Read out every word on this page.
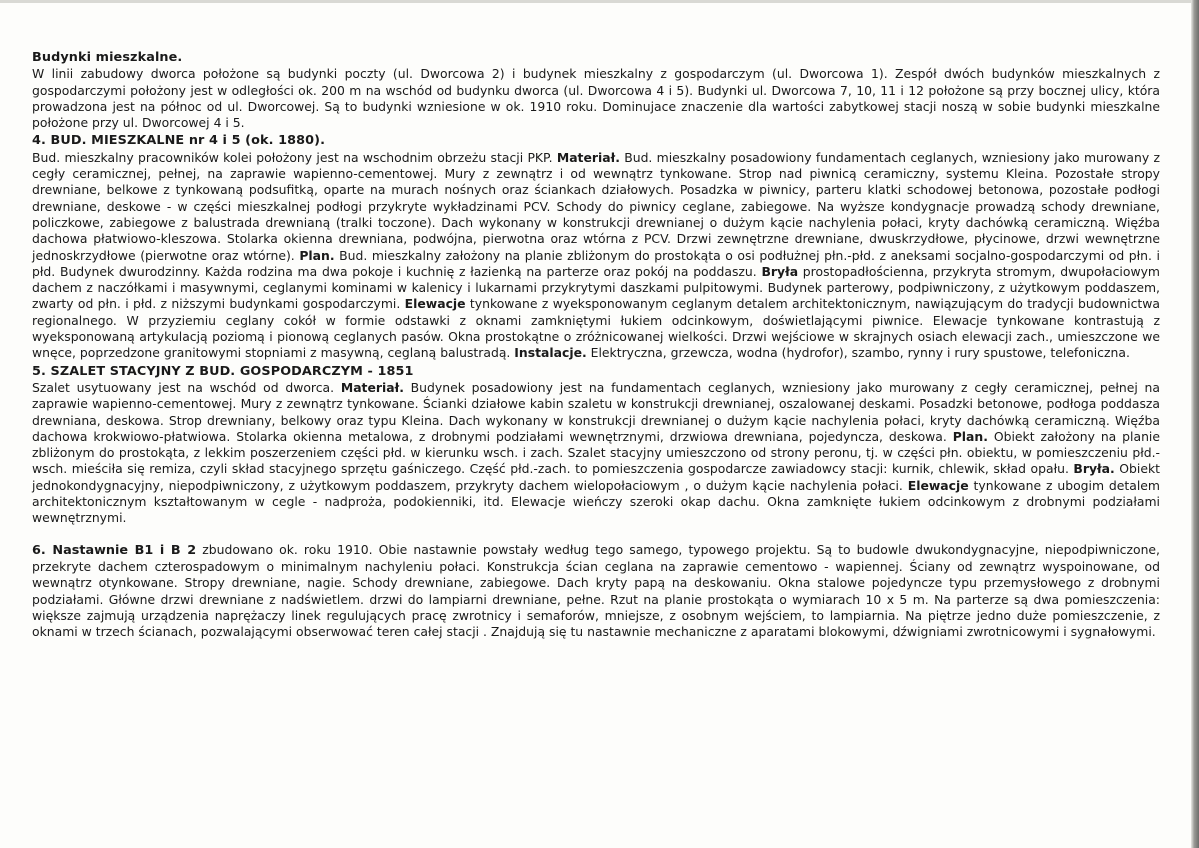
Budynki mieszkalne.

W linii zabudowy dworca położone są budynki poczty (ul. Dworcowa 2) i budynek mieszkalny z gospodarczym (ul. Dworcowa 1). Zespół dwóch budynków mieszkalnych z gospodarczymi położony jest w odległości ok. 200 m na wschód od budynku dworca (ul. Dworcowa 4 i 5). Budynki ul. Dworcowa 7, 10, 11 i 12 położone są przy bocznej ulicy, która prowadzona jest na północ od ul. Dworcowej. Są to budynki wzniesione w ok. 1910 roku. Dominujace znaczenie dla wartości zabytkowej stacji noszą w sobie budynki mieszkalne położone przy ul. Dworcowej 4 i 5.

4. BUD. MIESZKALNE nr 4 i 5 (ok. 1880).

Bud. mieszkalny pracowników kolei położony jest na wschodnim obrzeżu stacji PKP. Materiał. Bud. mieszkalny posadowiony fundamentach ceglanych, wzniesiony jako murowany z cegły ceramicznej, pełnej, na zaprawie wapienno-cementowej. Mury z zewnątrz i od wewnątrz tynkowane. Strop nad piwnicą ceramiczny, systemu Kleina. Pozostałe stropy drewniane, belkowe z tynkowaną podsufitką, oparte na murach nośnych oraz ściankach działowych. Posadzka w piwnicy, parteru klatki schodowej betonowa, pozostałe podłogi drewniane, deskowe - w części mieszkalnej podłogi przykryte wykładzinami PCV. Schody do piwnicy ceglane, zabiegowe. Na wyższe kondygnacje prowadzą schody drewniane, policzkowe, zabiegowe z balustrada drewnianą (tralki toczone). Dach wykonany w konstrukcji drewnianej o dużym kącie nachylenia połaci, kryty dachówką ceramiczną. Więźba dachowa płatwiowo-kleszowa. Stolarka okienna drewniana, podwójna, pierwotna oraz wtórna z PCV. Drzwi zewnętrzne drewniane, dwuskrzydłowe, płycinowe, drzwi wewnętrzne jednoskrzydłowe (pierwotne oraz wtórne). Plan. Bud. mieszkalny założony na planie zbliżonym do prostokąta o osi podłużnej płn.-płd. z aneksami socjalno-gospodarczymi od płn. i płd. Budynek dwurodzinny. Każda rodzina ma dwa pokoje i kuchnię z łazienką na parterze oraz pokój na poddaszu. Bryła prostopadłościenna, przykryta stromym, dwupołaciowym dachem z naczółkami i masywnymi, ceglanymi kominami w kalenicy i lukarnami przykrytymi daszkami pulpitowymi. Budynek parterowy, podpiwniczony, z użytkowym poddaszem, zwarty od płn. i płd. z niższymi budynkami gospodarczymi. Elewacje tynkowane z wyeksponowanym ceglanym detalem architektonicznym, nawiązującym do tradycji budownictwa regionalnego. W przyziemiu ceglany cokół w formie odstawki z oknami zamkniętymi łukiem odcinkowym, doświetlającymi piwnice. Elewacje tynkowane kontrastują z wyeksponowaną artykulacją poziomą i pionową ceglanych pasów. Okna prostokątne o zróżnicowanej wielkości. Drzwi wejściowe w skrajnych osiach elewacji zach., umieszczone we wnęce, poprzedzone granitowymi stopniami z masywną, ceglaną balustradą. Instalacje. Elektryczna, grzewcza, wodna (hydrofor), szambo, rynny i rury spustowe, telefoniczna.

5. SZALET STACYJNY Z BUD. GOSPODARCZYM - 1851

Szalet usytuowany jest na wschód od dworca. Materiał. Budynek posadowiony jest na fundamentach ceglanych, wzniesiony jako murowany z cegły ceramicznej, pełnej na zaprawie wapienno-cementowej. Mury z zewnątrz tynkowane. Ścianki działowe kabin szaletu w konstrukcji drewnianej, oszalowanej deskami. Posadzki betonowe, podłoga poddasza drewniana, deskowa. Strop drewniany, belkowy oraz typu Kleina. Dach wykonany w konstrukcji drewnianej o dużym kącie nachylenia połaci, kryty dachówką ceramiczną. Więźba dachowa krokwiowo-płatwiowa. Stolarka okienna metalowa, z drobnymi podziałami wewnętrznymi, drzwiowa drewniana, pojedyncza, deskowa. Plan. Obiekt założony na planie zbliżonym do prostokąta, z lekkim poszerzeniem części płd. w kierunku wsch. i zach. Szalet stacyjny umieszczono od strony peronu, tj. w części płn. obiektu, w pomieszczeniu płd.-wsch. mieściła się remiza, czyli skład stacyjnego sprzętu gaśniczego. Część płd.-zach. to pomieszczenia gospodarcze zawiadowcy stacji: kurnik, chlewik, skład opału. Bryła. Obiekt jednokondygnacyjny, niepodpiwniczony, z użytkowym poddaszem, przykryty dachem wielopołaciowym , o dużym kącie nachylenia połaci. Elewacje tynkowane z ubogim detalem architektonicznym kształtowanym w cegle - nadproża, podokienniki, itd. Elewacje wieńczy szeroki okap dachu. Okna zamknięte łukiem odcinkowym z drobnymi podziałami wewnętrznymi.

6. Nastawnie B1 i B 2 zbudowano ok. roku 1910. Obie nastawnie powstały według tego samego, typowego projektu. Są to budowle dwukondygnacyjne, niepodpiwniczone, przekryte dachem czterospadowym o minimalnym nachyleniu połaci. Konstrukcja ścian ceglana na zaprawie cementowo - wapiennej. Ściany od zewnątrz wyspoinowane, od wewnątrz otynkowane. Stropy drewniane, nagie. Schody drewniane, zabiegowe. Dach kryty papą na deskowaniu. Okna stalowe pojedyncze typu przemysłowego z drobnymi podziałami. Główne drzwi drewniane z nadświetlem. drzwi do lampiarni drewniane, pełne. Rzut na planie prostokąta o wymiarach 10 x 5 m. Na parterze są dwa pomieszczenia: większe zajmują urządzenia naprężaczy linek regulujących pracę zwrotnicy i semaforów, mniejsze, z osobnym wejściem, to lampiarnia. Na piętrze jedno duże pomieszczenie, z oknami w trzech ścianach, pozwalającymi obserwować teren całej stacji . Znajdują się tu nastawnie mechaniczne z aparatami blokowymi, dźwigniami zwrotnicowymi i sygnałowymi.
